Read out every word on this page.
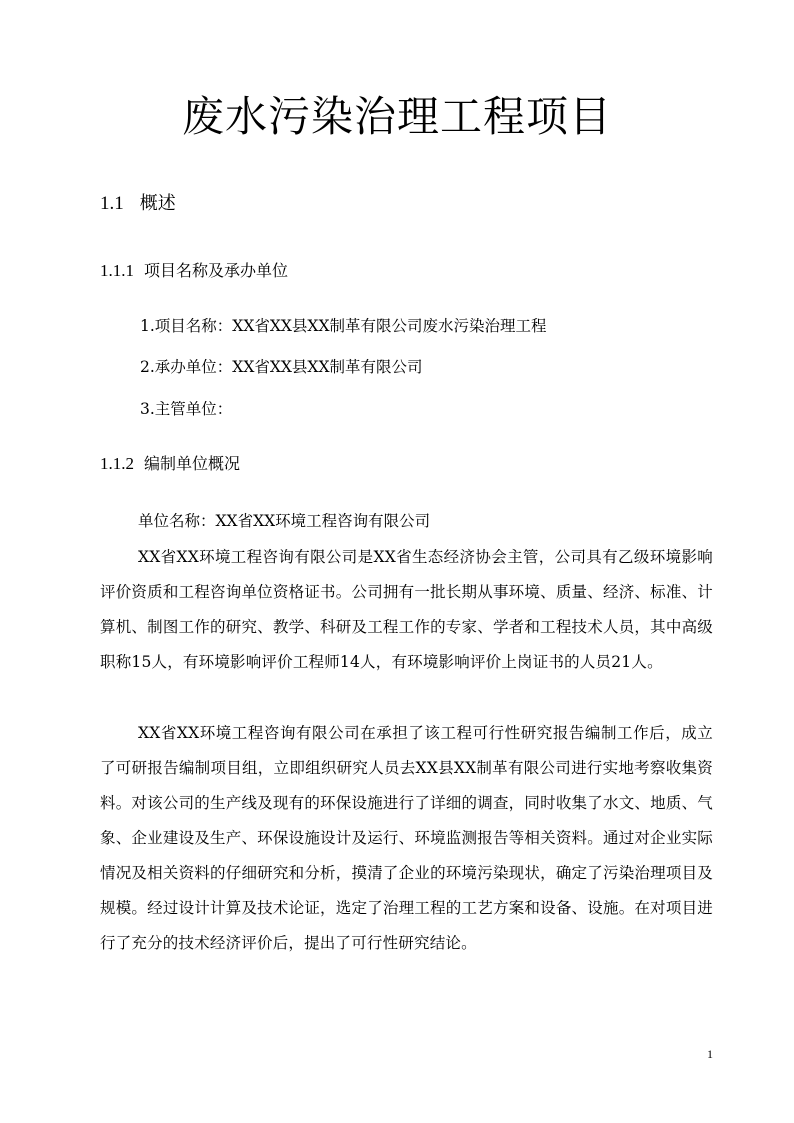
废水污染治理工程项目
1.1 概述
1.1.1 项目名称及承办单位
1.项目名称：XX省XX县XX制革有限公司废水污染治理工程
2.承办单位：XX省XX县XX制革有限公司
3.主管单位：
1.1.2 编制单位概况
单位名称：XX省XX环境工程咨询有限公司
XX省XX环境工程咨询有限公司是XX省生态经济协会主管，公司具有乙级环境影响评价资质和工程咨询单位资格证书。公司拥有一批长期从事环境、质量、经济、标准、计算机、制图工作的研究、教学、科研及工程工作的专家、学者和工程技术人员，其中高级职称15人，有环境影响评价工程师14人，有环境影响评价上岗证书的人员21人。
XX省XX环境工程咨询有限公司在承担了该工程可行性研究报告编制工作后，成立了可研报告编制项目组，立即组织研究人员去XX县XX制革有限公司进行实地考察收集资料。对该公司的生产线及现有的环保设施进行了详细的调查，同时收集了水文、地质、气象、企业建设及生产、环保设施设计及运行、环境监测报告等相关资料。通过对企业实际情况及相关资料的仔细研究和分析，摸清了企业的环境污染现状，确定了污染治理项目及规模。经过设计计算及技术论证，选定了治理工程的工艺方案和设备、设施。在对项目进行了充分的技术经济评价后，提出了可行性研究结论。
1
